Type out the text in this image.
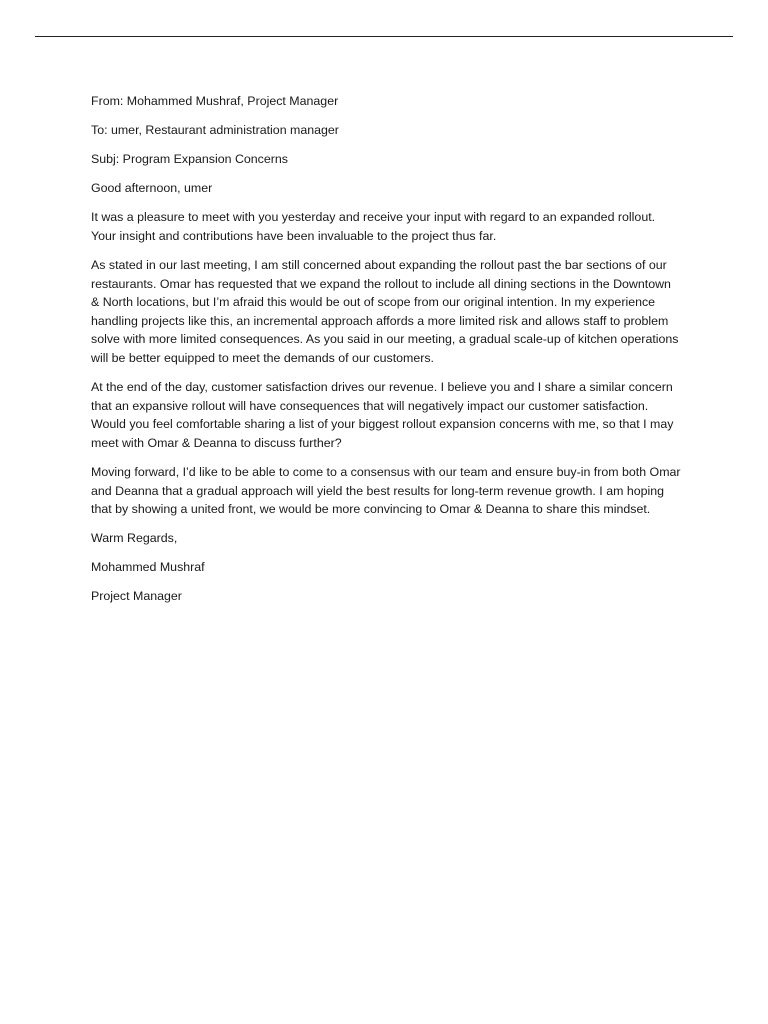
From: Mohammed Mushraf, Project Manager

To: umer, Restaurant administration manager

Subj: Program Expansion Concerns

Good afternoon, umer

It was a pleasure to meet with you yesterday and receive your input with regard to an expanded rollout. Your insight and contributions have been invaluable to the project thus far.

As stated in our last meeting, I am still concerned about expanding the rollout past the bar sections of our restaurants. Omar has requested that we expand the rollout to include all dining sections in the Downtown & North locations, but I’m afraid this would be out of scope from our original intention. In my experience handling projects like this, an incremental approach affords a more limited risk and allows staff to problem solve with more limited consequences. As you said in our meeting, a gradual scale-up of kitchen operations will be better equipped to meet the demands of our customers.

At the end of the day, customer satisfaction drives our revenue. I believe you and I share a similar concern that an expansive rollout will have consequences that will negatively impact our customer satisfaction. Would you feel comfortable sharing a list of your biggest rollout expansion concerns with me, so that I may meet with Omar & Deanna to discuss further?

Moving forward, I’d like to be able to come to a consensus with our team and ensure buy-in from both Omar and Deanna that a gradual approach will yield the best results for long-term revenue growth. I am hoping that by showing a united front, we would be more convincing to Omar & Deanna to share this mindset.

Warm Regards,

Mohammed Mushraf

Project Manager
